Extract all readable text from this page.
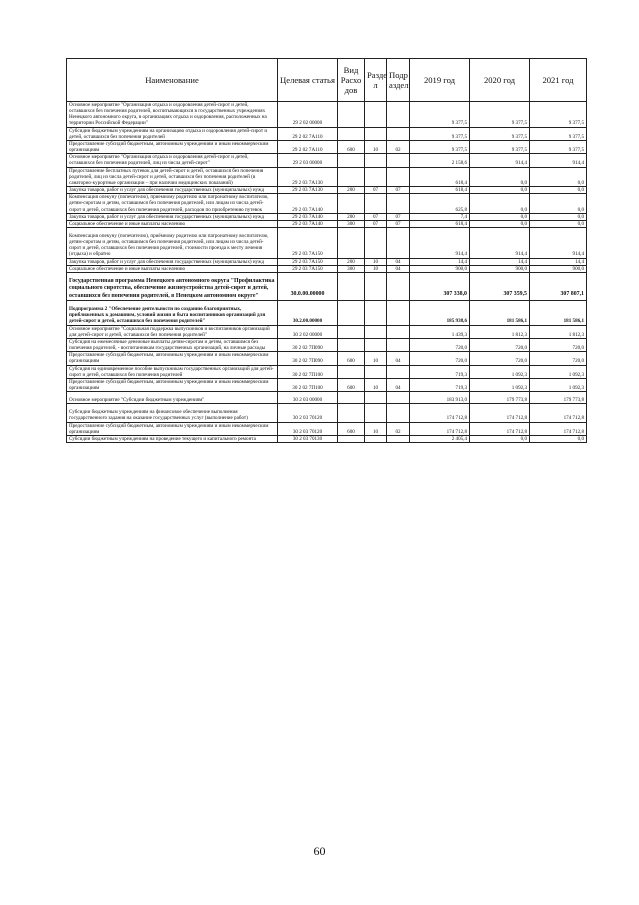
Наименование	Целевая статья	Вид Расхо дов	Разде л	Подр аздел	2019 год	2020 год	2021 год
Основное мероприятие "Организация отдыха и оздоровления детей-сирот и детей, оставшихся без попечения родителей, воспитывающихся в государственных учреждениях Ненецкого автономного округа, в организациях отдыха и оздоровления, расположенных на территории Российской Федерации"	29 2 02 00000				9 377,5	9 377,5	9 377,5
Субсидии бюджетным учреждениям на организацию отдыха и оздоровления детей-сирот и детей, оставшихся без попечения родителей	29 2 02 7А110				9 377,5	9 377,5	9 377,5
Предоставление субсидий бюджетным, автономным учреждениям и иным некоммерческим организациям	29 2 02 7А110	600	10	02	9 377,5	9 377,5	9 377,5
Основное мероприятие "Организация отдыха и оздоровления детей-сирот и детей, оставшихся без попечения родителей, лиц из числа детей-сирот"	29 2 03 00000				2 158,6	914,4	914,4
Предоставление бесплатных путевок для детей-сирот и детей, оставшихся без попечения родителей, лиц из числа детей-сирот и детей, оставшихся без попечения родителей (в санаторно-курортные организации – при наличии медицинских показаний)	29 2 03 7А130				618,4	0,0	0,0
Закупка товаров, работ и услуг для обеспечения государственных (муниципальных) нужд	29 2 03 7А130	200	07	07	618,4	0,0	0,0
Компенсация опекуну (попечителю), приемному родителю или патронатному воспитателю, детям-сиротам и детям, оставшимся без попечения родителей, или лицам из числа детей-сирот и детей, оставшихся без попечения родителей, расходов по приобретению путевок	29 2 03 7А140				625,8	0,0	0,0
Закупка товаров, работ и услуг для обеспечения государственных (муниципальных) нужд	29 2 03 7А140	200	07	07	7,4	0,0	0,0
Социальное обеспечение и иные выплаты населению	29 2 03 7А140	300	07	07	618,4	0,0	0,0
Компенсация опекуну (попечителю), приёмному родителю или патронатному воспитателю, детям-сиротам и детям, оставшимся без попечения родителей, или лицам из числа детей-сирот и детей, оставшихся без попечения родителей, стоимости проезда к месту лечения (отдыха) и обратно	29 2 03 7А150				914,4	914,4	914,4
Закупка товаров, работ и услуг для обеспечения государственных (муниципальных) нужд	29 2 03 7А150	200	10	04	14,4	14,4	14,4
Социальное обеспечение и иные выплаты населению	29 2 03 7А150	300	10	04	900,0	900,0	900,0
Государственная программа Ненецкого автономного округа "Профилактика социального сиротства, обеспечение жизнеустройства детей-сирот и детей, оставшихся без попечения родителей, в Ненецком автономном округе"	30.0.00.00000				307 338,0	307 359,5	307 807,1
Подпрограмма 2 "Обеспечение деятельности по созданию благоприятных, приближенных к домашним, условий жизни и быта воспитанников организаций для детей-сирот и детей, оставшихся без попечения родителей"	30.2.00.00000				185 938,6	181 586,1	181 586,1
Основное мероприятие "Социальная поддержка выпускников и воспитанников организаций для детей-сирот и детей, оставшихся без попечения родителей"	30 2 02 00000				1 439,3	1 812,3	1 812,3
Субсидия на ежемесячные денежные выплаты детям-сиротам и детям, оставшимся без попечения родителей, - воспитанникам государственных организаций, на личные расходы	30 2 02 7П090				720,0	720,0	720,0
Предоставление субсидий бюджетным, автономным учреждениям и иным некоммерческим организациям	30 2 02 7П090	600	10	04	720,0	720,0	720,0
Субсидия на единовременное пособие выпускникам государственных организаций для детей-сирот и детей, оставшихся без попечения родителей	30 2 02 7П100				719,3	1 092,3	1 092,3
Предоставление субсидий бюджетным, автономным учреждениям и иным некоммерческим организациям	30 2 02 7П100	600	10	04	719,3	1 092,3	1 092,3
Основное мероприятие "Субсидии бюджетным учреждениям"	30 2 03 00000				183 913,0	179 773,8	179 773,8
Субсидии бюджетным учреждениям на финансовое обеспечение выполнения государственного задания на оказание государственных услуг (выполнение работ)	30 2 03 70120				174 712,8	174 712,8	174 712,8
Предоставление субсидий бюджетным, автономным учреждениям и иным некоммерческим организациям	30 2 03 70120	600	10	02	174 712,8	174 712,8	174 712,8
Субсидии бюджетным учреждениям на проведение текущего и капитального ремонта	30 2 03 70130				2 405,4	0,0	0,0
60
